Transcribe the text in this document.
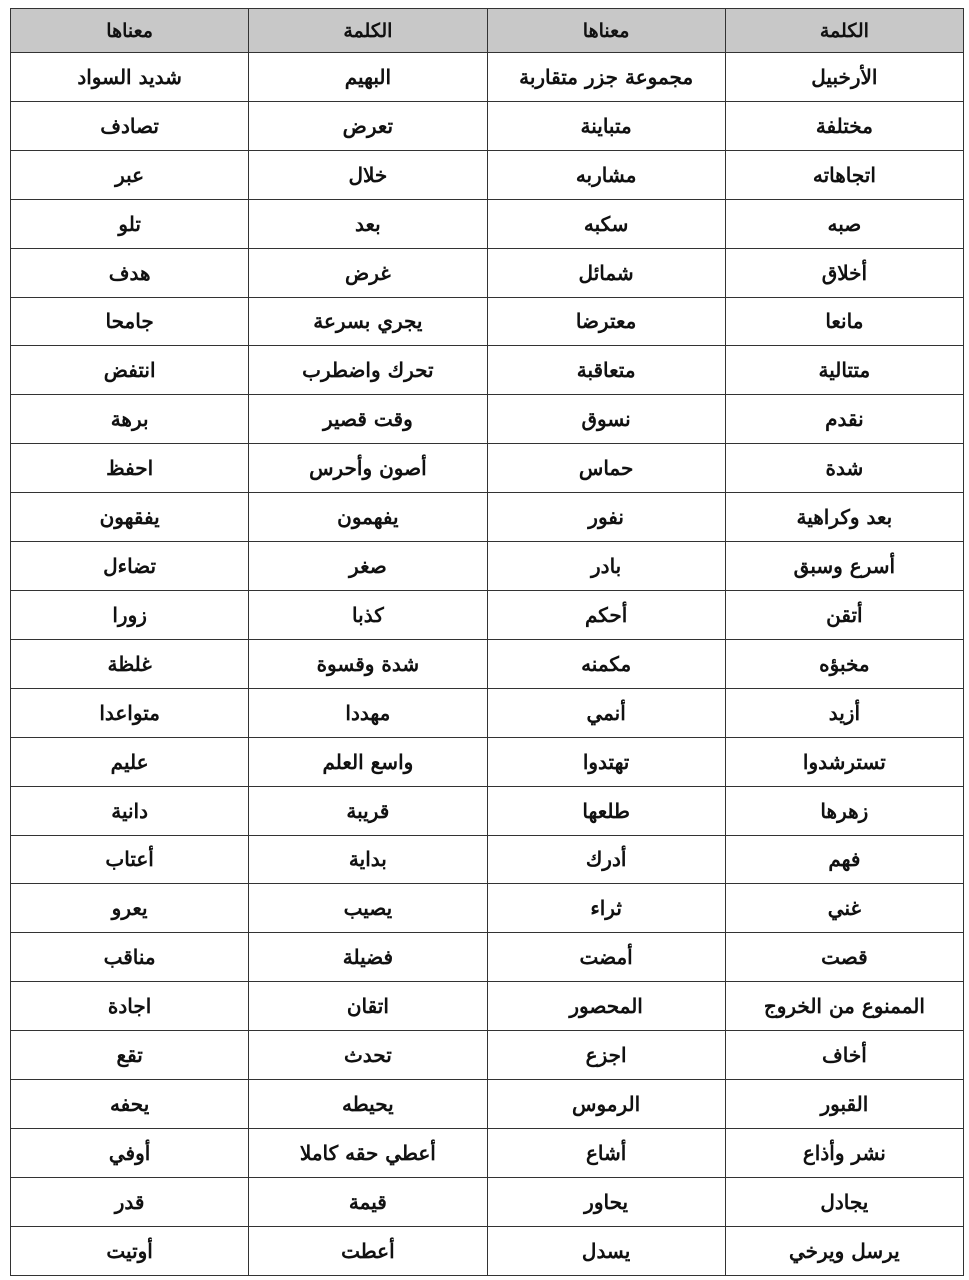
الكلمة	معناها	الكلمة	معناها
الأرخبيل	مجموعة جزر متقاربة	البهيم	شديد السواد
مختلفة	متباينة	تعرض	تصادف
اتجاهاته	مشاربه	خلال	عبر
صبه	سكبه	بعد	تلو
أخلاق	شمائل	غرض	هدف
مانعا	معترضا	يجري بسرعة	جامحا
متتالية	متعاقبة	تحرك واضطرب	انتفض
نقدم	نسوق	وقت قصير	برهة
شدة	حماس	أصون وأحرس	احفظ
بعد وكراهية	نفور	يفهمون	يفقهون
أسرع وسبق	بادر	صغر	تضاءل
أتقن	أحكم	كذبا	زورا
مخبؤه	مكمنه	شدة وقسوة	غلظة
أزيد	أنمي	مهددا	متواعدا
تسترشدوا	تهتدوا	واسع العلم	عليم
زهرها	طلعها	قريبة	دانية
فهم	أدرك	بداية	أعتاب
غني	ثراء	يصيب	يعرو
قصت	أمضت	فضيلة	مناقب
الممنوع من الخروج	المحصور	اتقان	اجادة
أخاف	اجزع	تحدث	تقع
القبور	الرموس	يحيطه	يحفه
نشر وأذاع	أشاع	أعطي حقه كاملا	أوفي
يجادل	يحاور	قيمة	قدر
يرسل ويرخي	يسدل	أعطت	أوتيت
